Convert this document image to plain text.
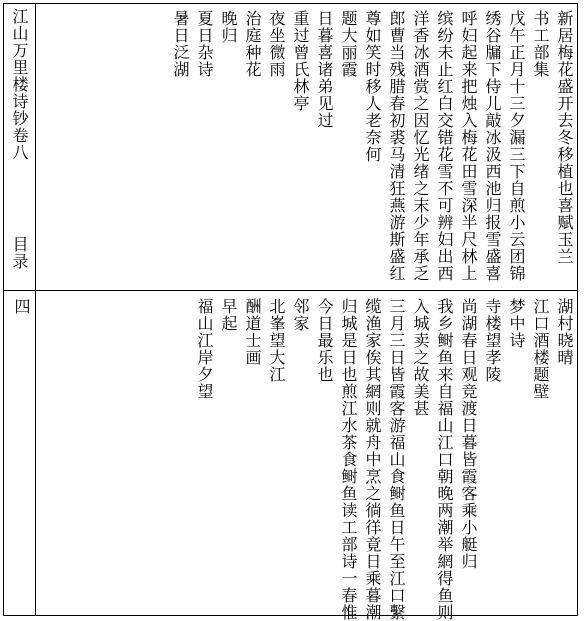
江山万里楼诗钞卷八
目录
四
新居梅花盛开去冬移植也喜赋玉兰
书工部集
戊午正月十三夕漏三下自煎小云团锦
绣谷牖下侍儿敲冰汲西池归报雪盛喜
呼妇起来把烛入梅花田雪深半尺林上
缤纷未止红白交错花雪不可辨妇出西
洋香冰酒赏之因忆光绪之末少年承乏
郎曹当残腊春初裘马清狂燕游斯盛红
尊如笑时移人老奈何
题大丽霞
日暮喜诸弟见过
重过曾氏林亭
夜坐微雨
治庭种花
晚归
夏日杂诗
暑日泛湖
湖村晓晴
江口酒楼题壁
梦中诗
寺楼望孝陵
尚湖春日观竞渡日暮皆霞客乘小艇归
我乡鲥鱼来自福山江口朝晚两潮举網得鱼则
入城卖之故美甚
三月三日皆霞客游福山食鲥鱼日午至江口繫
缆渔家俟其網则就舟中烹之徜徉竟日乘暮潮
归城是日也煎江水茶食鲥鱼读工部诗一春惟
今日最乐也
邻家
北峯望大江
酬道士画
早起
福山江岸夕望
